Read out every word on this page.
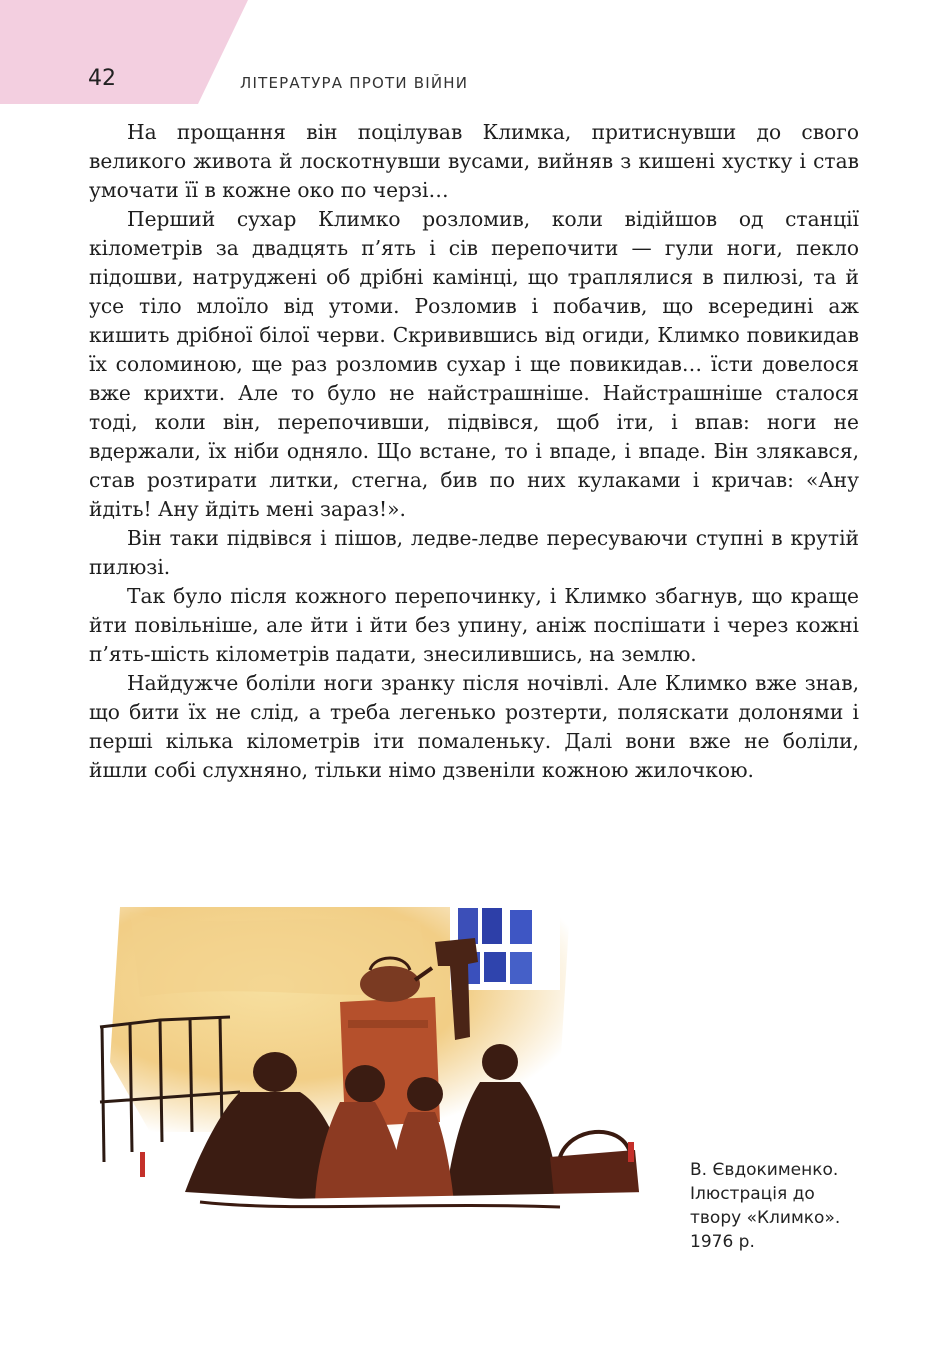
42	ЛІТЕРАТУРА ПРОТИ ВІЙНИ

На прощання він поцілував Климка, притиснувши до свого великого живота й лоскотнувши вусами, вийняв з кишені хустку і став умочати її в кожне око по черзі…

Перший сухар Климко розломив, коли відійшов од станції кілометрів за двадцять п’ять і сів перепочити — гули ноги, пекло підошви, натруджені об дрібні камінці, що траплялися в пилюзі, та й усе тіло млоїло від утоми. Розломив і побачив, що всередині аж кишить дрібної білої черви. Скривившись від огиди, Климко повикидав їх соломиною, ще раз розломив сухар і ще повикидав… їсти довелося вже крихти. Але то було не найстрашніше. Найстрашніше сталося тоді, коли він, перепочивши, підвівся, щоб іти, і впав: ноги не вдержали, їх ніби одняло. Що встане, то і впаде, і впаде. Він злякався, став розтирати литки, стегна, бив по них кулаками і кричав: «Ану йдіть! Ану йдіть мені зараз!».

Він таки підвівся і пішов, ледве-ледве пересуваючи ступні в крутій пилюзі.

Так було після кожного перепочинку, і Климко збагнув, що краще йти повільніше, але йти і йти без упину, аніж поспішати і через кожні п’ять-шість кілометрів падати, знесилившись, на землю.

Найдужче боліли ноги зранку після ночівлі. Але Климко вже знав, що бити їх не слід, а треба легенько розтерти, поляскати долонями і перші кілька кілометрів іти помаленьку. Далі вони вже не боліли, йшли собі слухняно, тільки німо дзвеніли кожною жилочкою.

В. Євдокименко.
Ілюстрація до
твору «Климко».
1976 р.
